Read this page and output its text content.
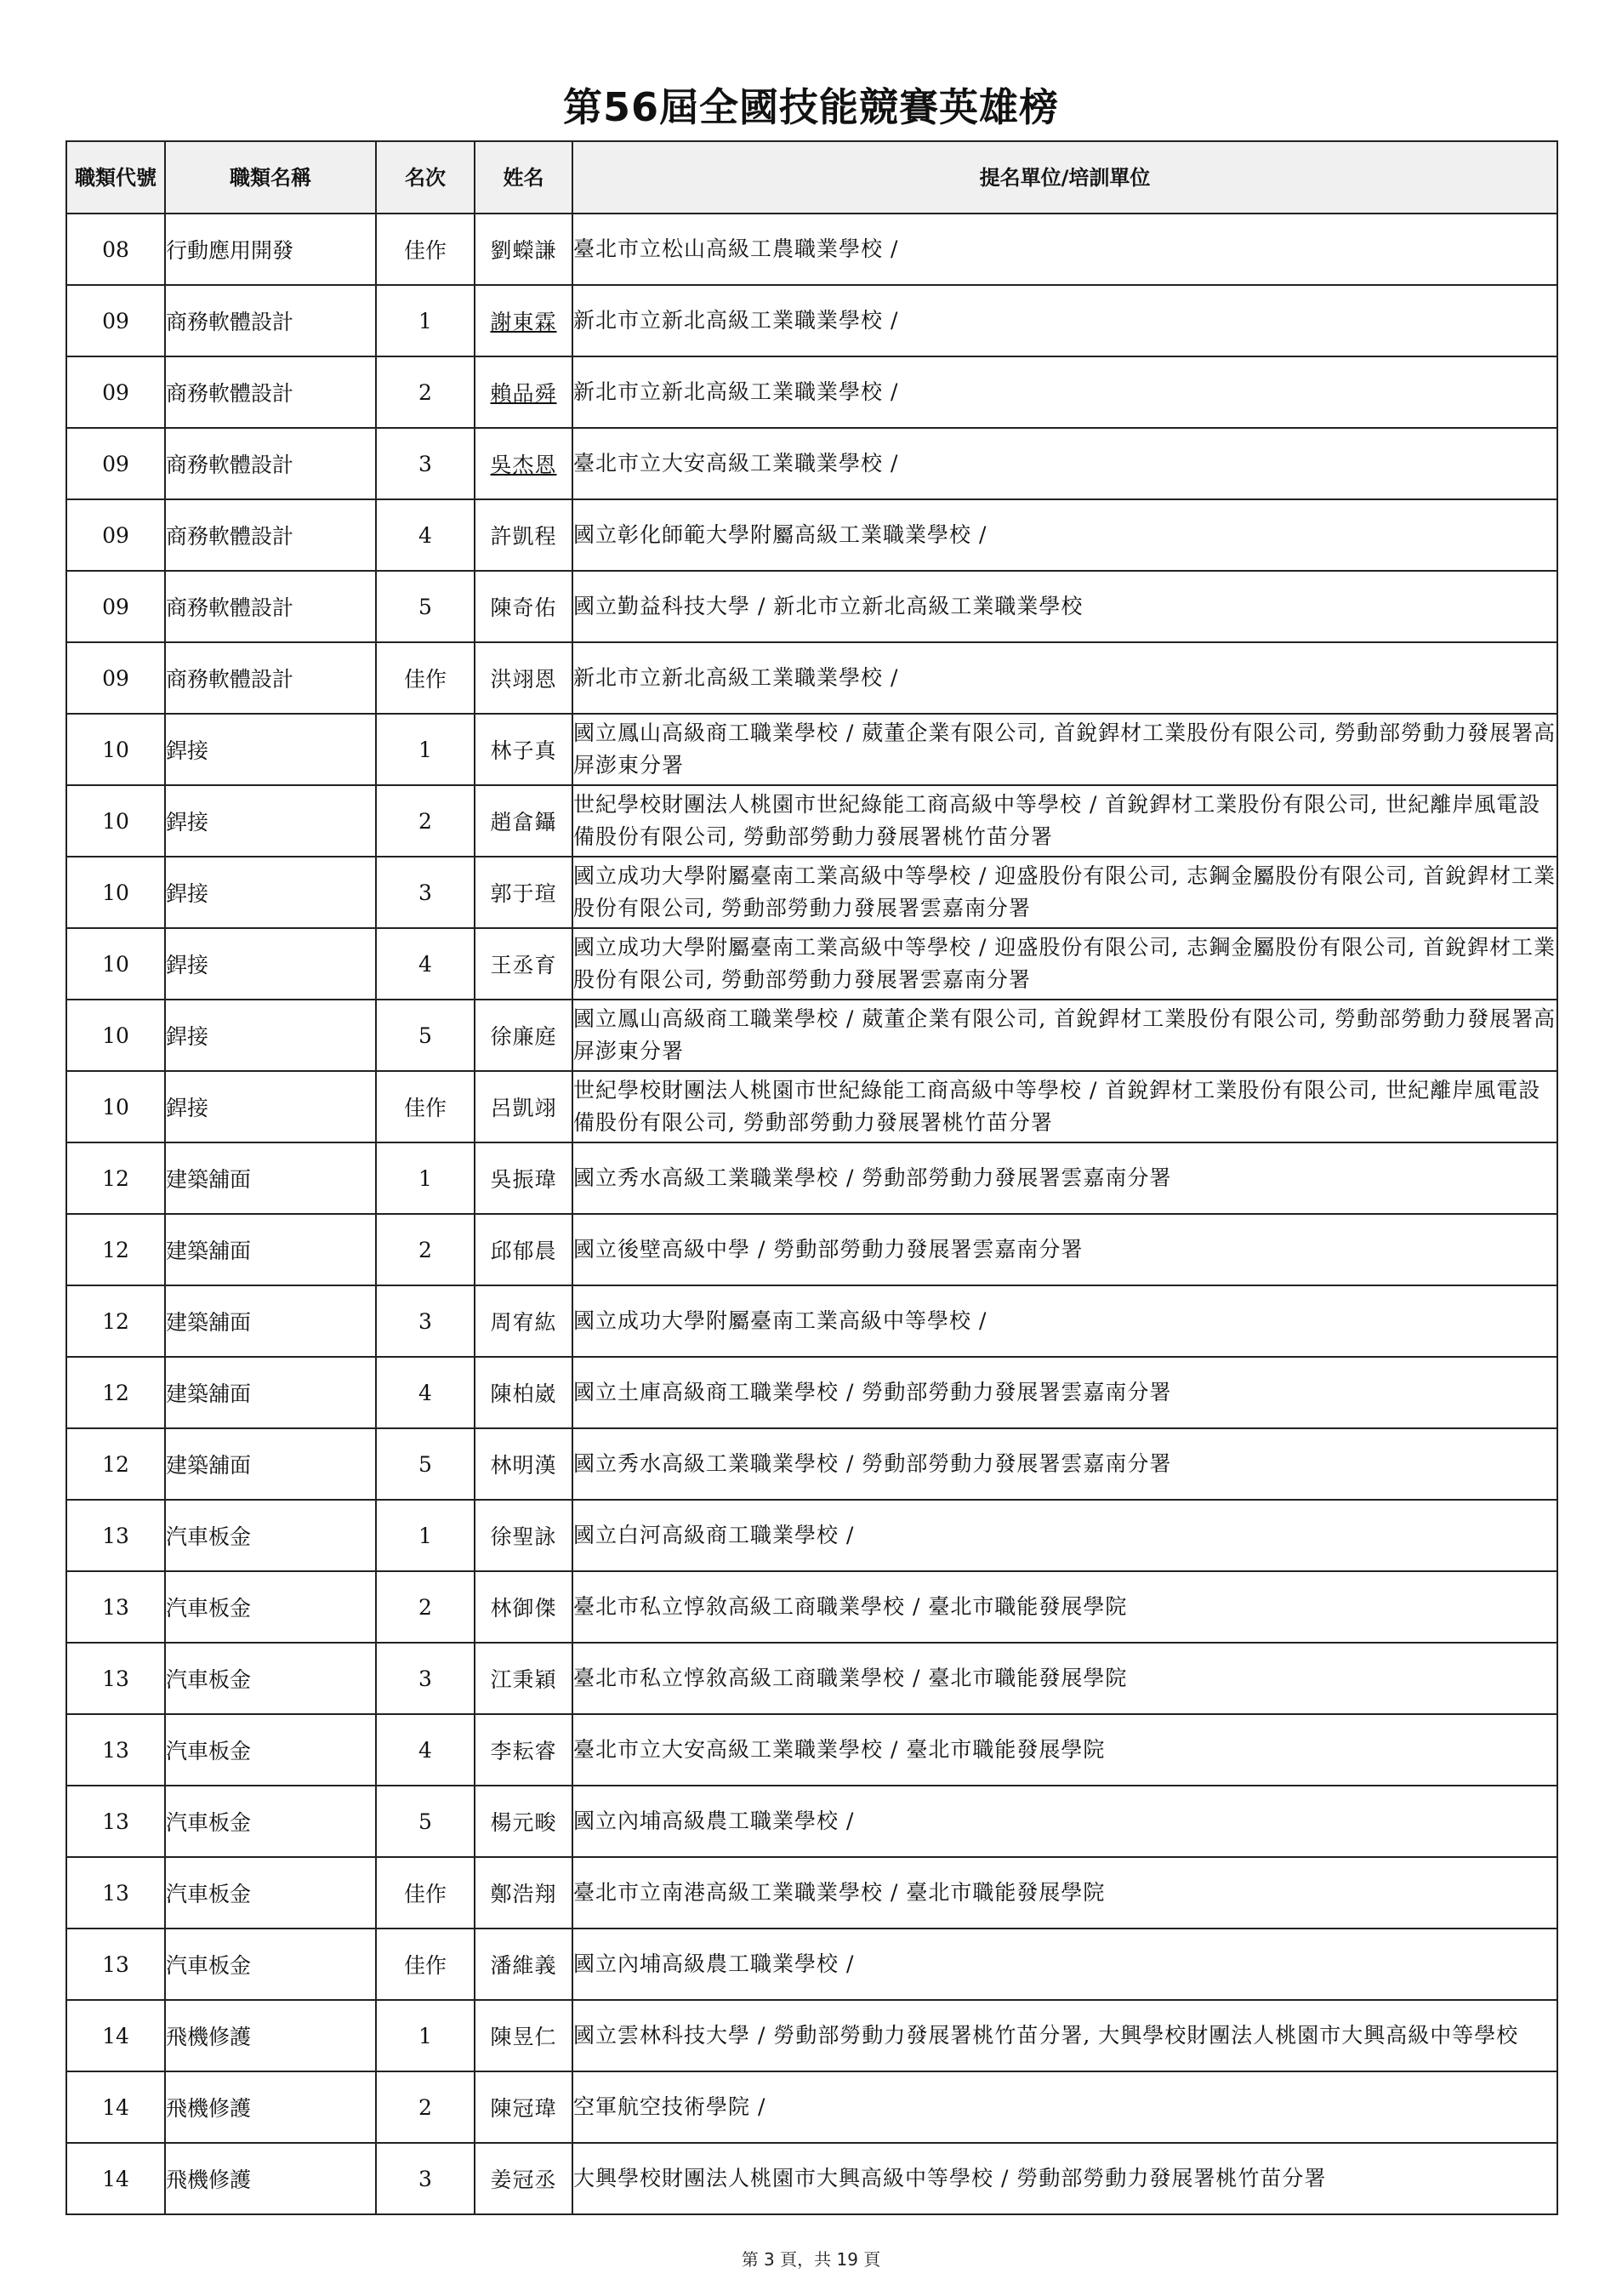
第56屆全國技能競賽英雄榜
職類代號	職類名稱	名次	姓名	提名單位/培訓單位
08	行動應用開發	佳作	劉蠑謙	臺北市立松山高級工農職業學校 /
09	商務軟體設計	1	謝東霖	新北市立新北高級工業職業學校 /
09	商務軟體設計	2	賴品舜	新北市立新北高級工業職業學校 /
09	商務軟體設計	3	吳杰恩	臺北市立大安高級工業職業學校 /
09	商務軟體設計	4	許凱程	國立彰化師範大學附屬高級工業職業學校 /
09	商務軟體設計	5	陳奇佑	國立勤益科技大學 / 新北市立新北高級工業職業學校
09	商務軟體設計	佳作	洪翊恩	新北市立新北高級工業職業學校 /
10	銲接	1	林子真	國立鳳山高級商工職業學校 / 葳董企業有限公司, 首銳銲材工業股份有限公司, 勞動部勞動力發展署高屏澎東分署
10	銲接	2	趙畣鑷	世紀學校財團法人桃園市世紀綠能工商高級中等學校 / 首銳銲材工業股份有限公司, 世紀離岸風電設備股份有限公司, 勞動部勞動力發展署桃竹苗分署
10	銲接	3	郭于瑄	國立成功大學附屬臺南工業高級中等學校 / 迎盛股份有限公司, 志鋼金屬股份有限公司, 首銳銲材工業股份有限公司, 勞動部勞動力發展署雲嘉南分署
10	銲接	4	王丞育	國立成功大學附屬臺南工業高級中等學校 / 迎盛股份有限公司, 志鋼金屬股份有限公司, 首銳銲材工業股份有限公司, 勞動部勞動力發展署雲嘉南分署
10	銲接	5	徐廉庭	國立鳳山高級商工職業學校 / 葳董企業有限公司, 首銳銲材工業股份有限公司, 勞動部勞動力發展署高屏澎東分署
10	銲接	佳作	呂凱翊	世紀學校財團法人桃園市世紀綠能工商高級中等學校 / 首銳銲材工業股份有限公司, 世紀離岸風電設備股份有限公司, 勞動部勞動力發展署桃竹苗分署
12	建築舖面	1	吳振瑋	國立秀水高級工業職業學校 / 勞動部勞動力發展署雲嘉南分署
12	建築舖面	2	邱郁晨	國立後壁高級中學 / 勞動部勞動力發展署雲嘉南分署
12	建築舖面	3	周宥紘	國立成功大學附屬臺南工業高級中等學校 /
12	建築舖面	4	陳柏崴	國立土庫高級商工職業學校 / 勞動部勞動力發展署雲嘉南分署
12	建築舖面	5	林明漢	國立秀水高級工業職業學校 / 勞動部勞動力發展署雲嘉南分署
13	汽車板金	1	徐聖詠	國立白河高級商工職業學校 /
13	汽車板金	2	林御傑	臺北市私立惇敘高級工商職業學校 / 臺北市職能發展學院
13	汽車板金	3	江秉穎	臺北市私立惇敘高級工商職業學校 / 臺北市職能發展學院
13	汽車板金	4	李耘睿	臺北市立大安高級工業職業學校 / 臺北市職能發展學院
13	汽車板金	5	楊元畯	國立內埔高級農工職業學校 /
13	汽車板金	佳作	鄭浩翔	臺北市立南港高級工業職業學校 / 臺北市職能發展學院
13	汽車板金	佳作	潘維義	國立內埔高級農工職業學校 /
14	飛機修護	1	陳昱仁	國立雲林科技大學 / 勞動部勞動力發展署桃竹苗分署, 大興學校財團法人桃園市大興高級中等學校
14	飛機修護	2	陳冠瑋	空軍航空技術學院 /
14	飛機修護	3	姜冠丞	大興學校財團法人桃園市大興高級中等學校 / 勞動部勞動力發展署桃竹苗分署
第 3 頁，共 19 頁
